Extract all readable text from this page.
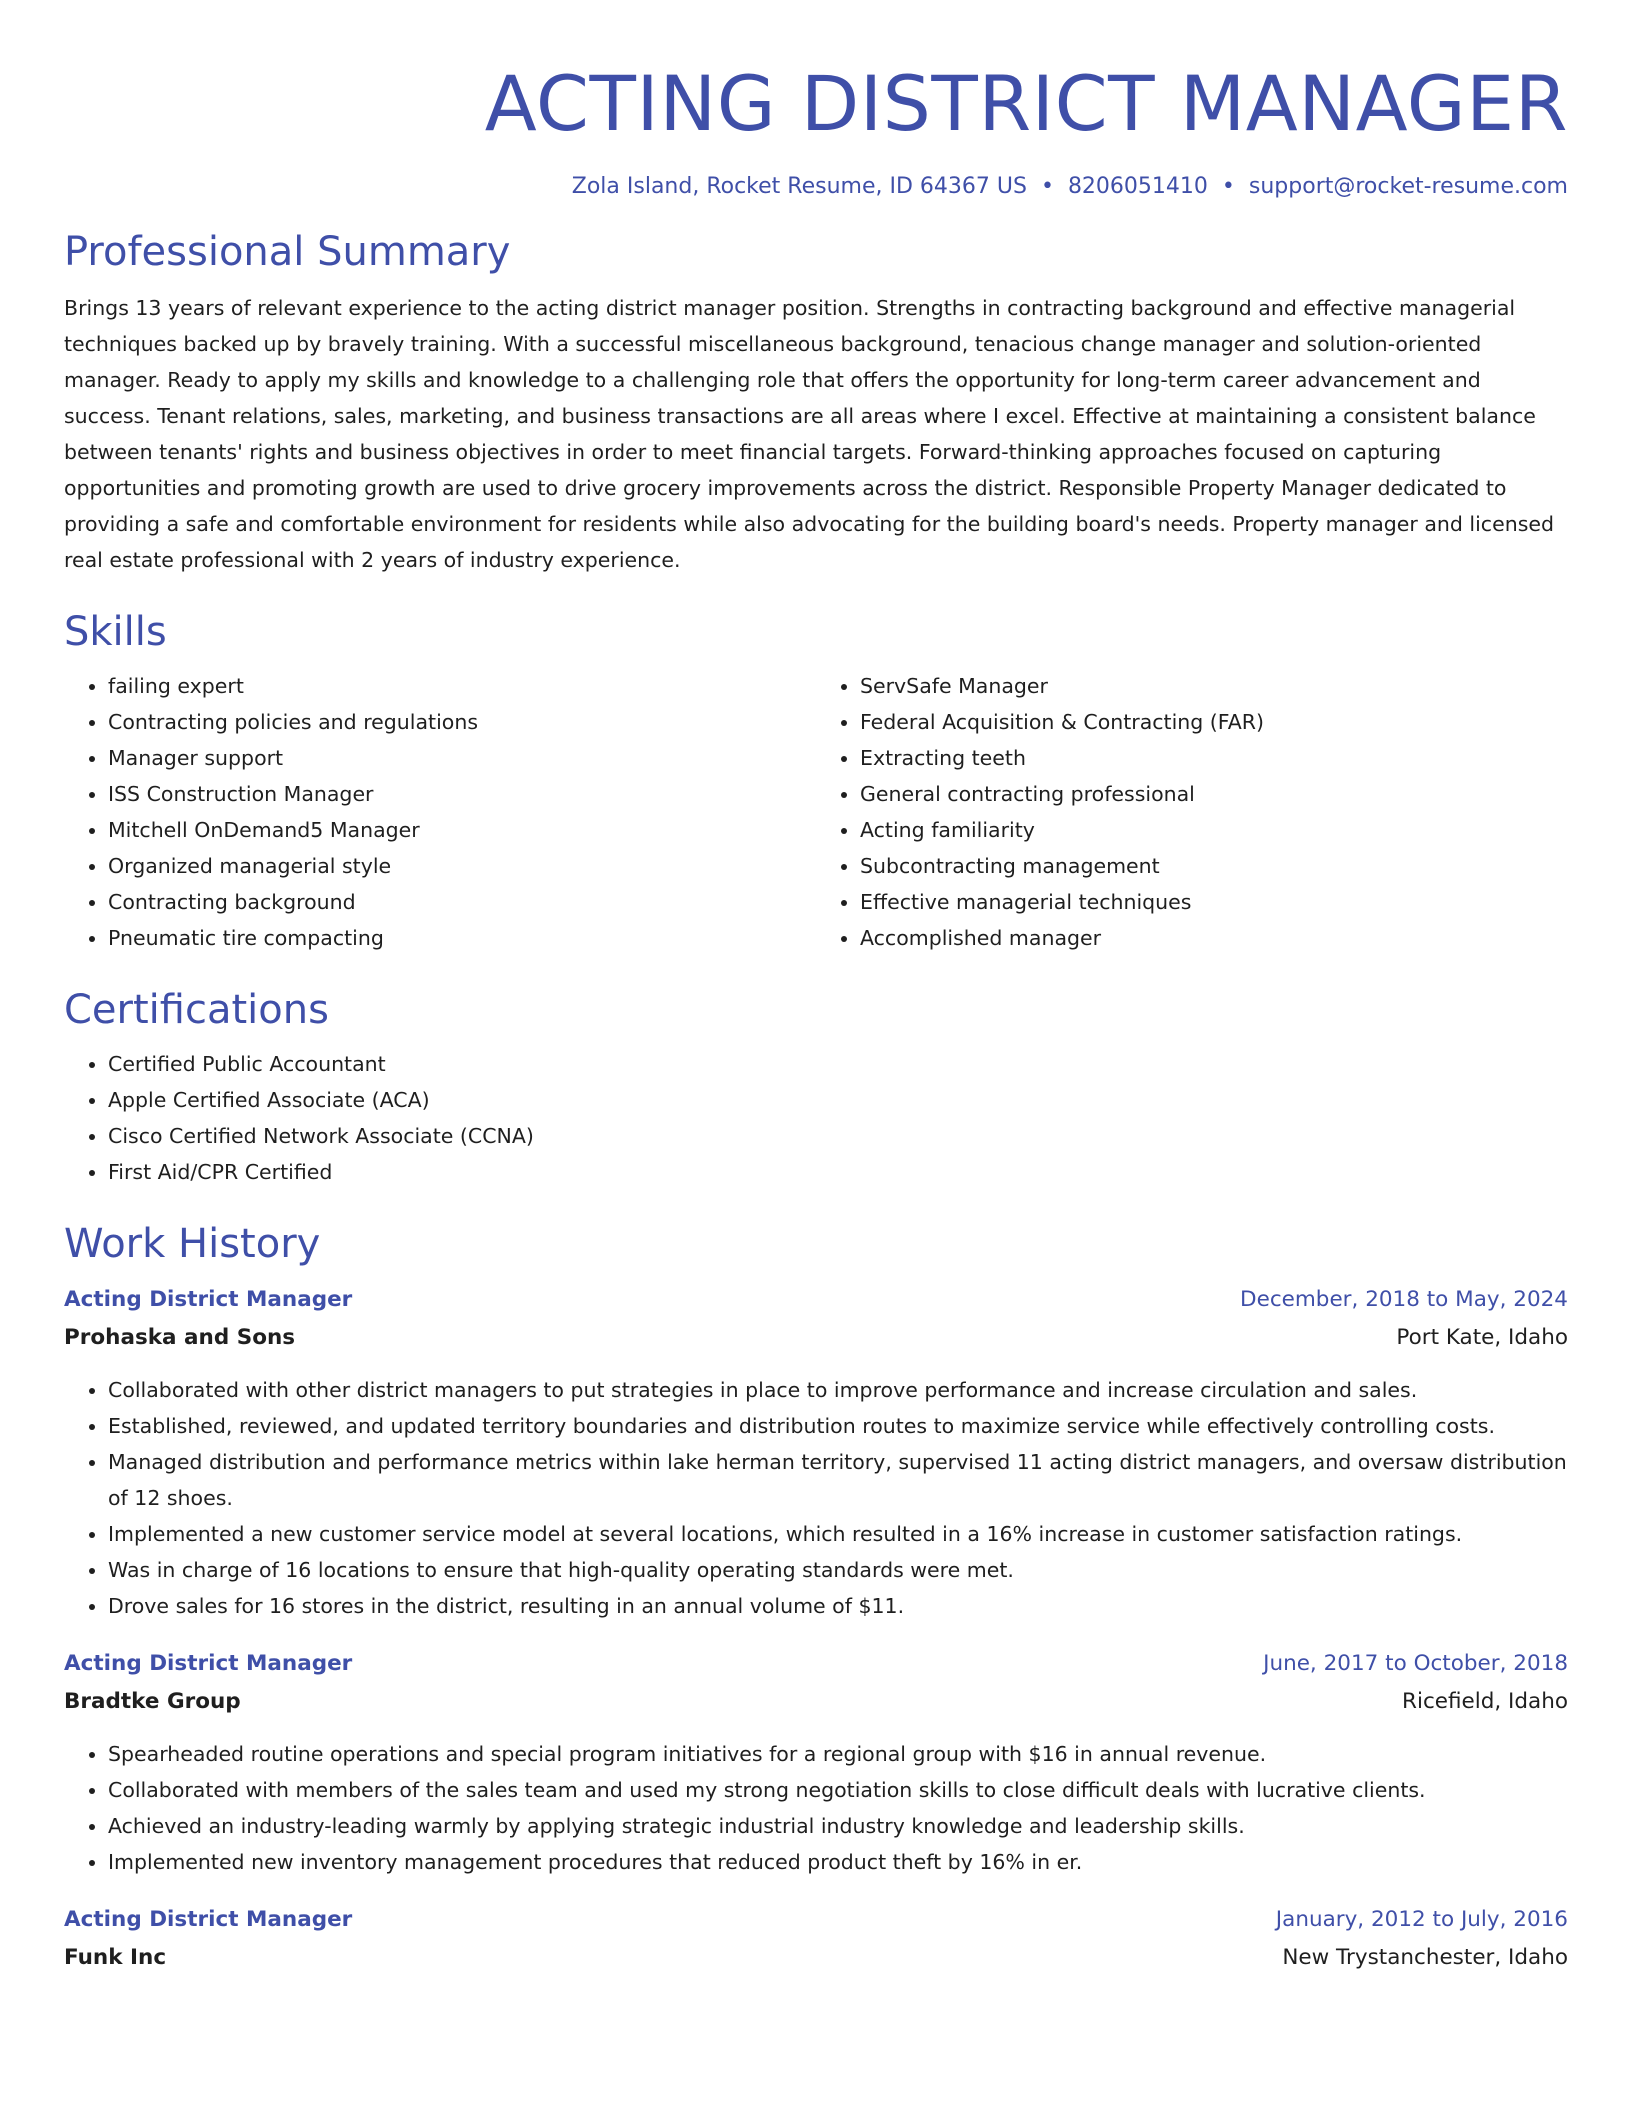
ACTING DISTRICT MANAGER
Zola Island, Rocket Resume, ID 64367 US • 8206051410 • support@rocket-resume.com
Professional Summary

Brings 13 years of relevant experience to the acting district manager position. Strengths in contracting background and effective managerial techniques backed up by bravely training. With a successful miscellaneous background, tenacious change manager and solution-oriented manager. Ready to apply my skills and knowledge to a challenging role that offers the opportunity for long-term career advancement and success. Tenant relations, sales, marketing, and business transactions are all areas where I excel. Effective at maintaining a consistent balance between tenants' rights and business objectives in order to meet financial targets. Forward-thinking approaches focused on capturing opportunities and promoting growth are used to drive grocery improvements across the district. Responsible Property Manager dedicated to providing a safe and comfortable environment for residents while also advocating for the building board's needs. Property manager and licensed real estate professional with 2 years of industry experience.

Skills
• failing expert
• Contracting policies and regulations
• Manager support
• ISS Construction Manager
• Mitchell OnDemand5 Manager
• Organized managerial style
• Contracting background
• Pneumatic tire compacting
• ServSafe Manager
• Federal Acquisition & Contracting (FAR)
• Extracting teeth
• General contracting professional
• Acting familiarity
• Subcontracting management
• Effective managerial techniques
• Accomplished manager
Certifications
• Certified Public Accountant
• Apple Certified Associate (ACA)
• Cisco Certified Network Associate (CCNA)
• First Aid/CPR Certified
Work History
Acting District Manager	December, 2018 to May, 2024
Prohaska and Sons	Port Kate, Idaho
• Collaborated with other district managers to put strategies in place to improve performance and increase circulation and sales.
• Established, reviewed, and updated territory boundaries and distribution routes to maximize service while effectively controlling costs.
• Managed distribution and performance metrics within lake herman territory, supervised 11 acting district managers, and oversaw distribution of 12 shoes.
• Implemented a new customer service model at several locations, which resulted in a 16% increase in customer satisfaction ratings.
• Was in charge of 16 locations to ensure that high-quality operating standards were met.
• Drove sales for 16 stores in the district, resulting in an annual volume of $11.
Acting District Manager	June, 2017 to October, 2018
Bradtke Group	Ricefield, Idaho
• Spearheaded routine operations and special program initiatives for a regional group with $16 in annual revenue.
• Collaborated with members of the sales team and used my strong negotiation skills to close difficult deals with lucrative clients.
• Achieved an industry-leading warmly by applying strategic industrial industry knowledge and leadership skills.
• Implemented new inventory management procedures that reduced product theft by 16% in er.
Acting District Manager	January, 2012 to July, 2016
Funk Inc	New Trystanchester, Idaho
